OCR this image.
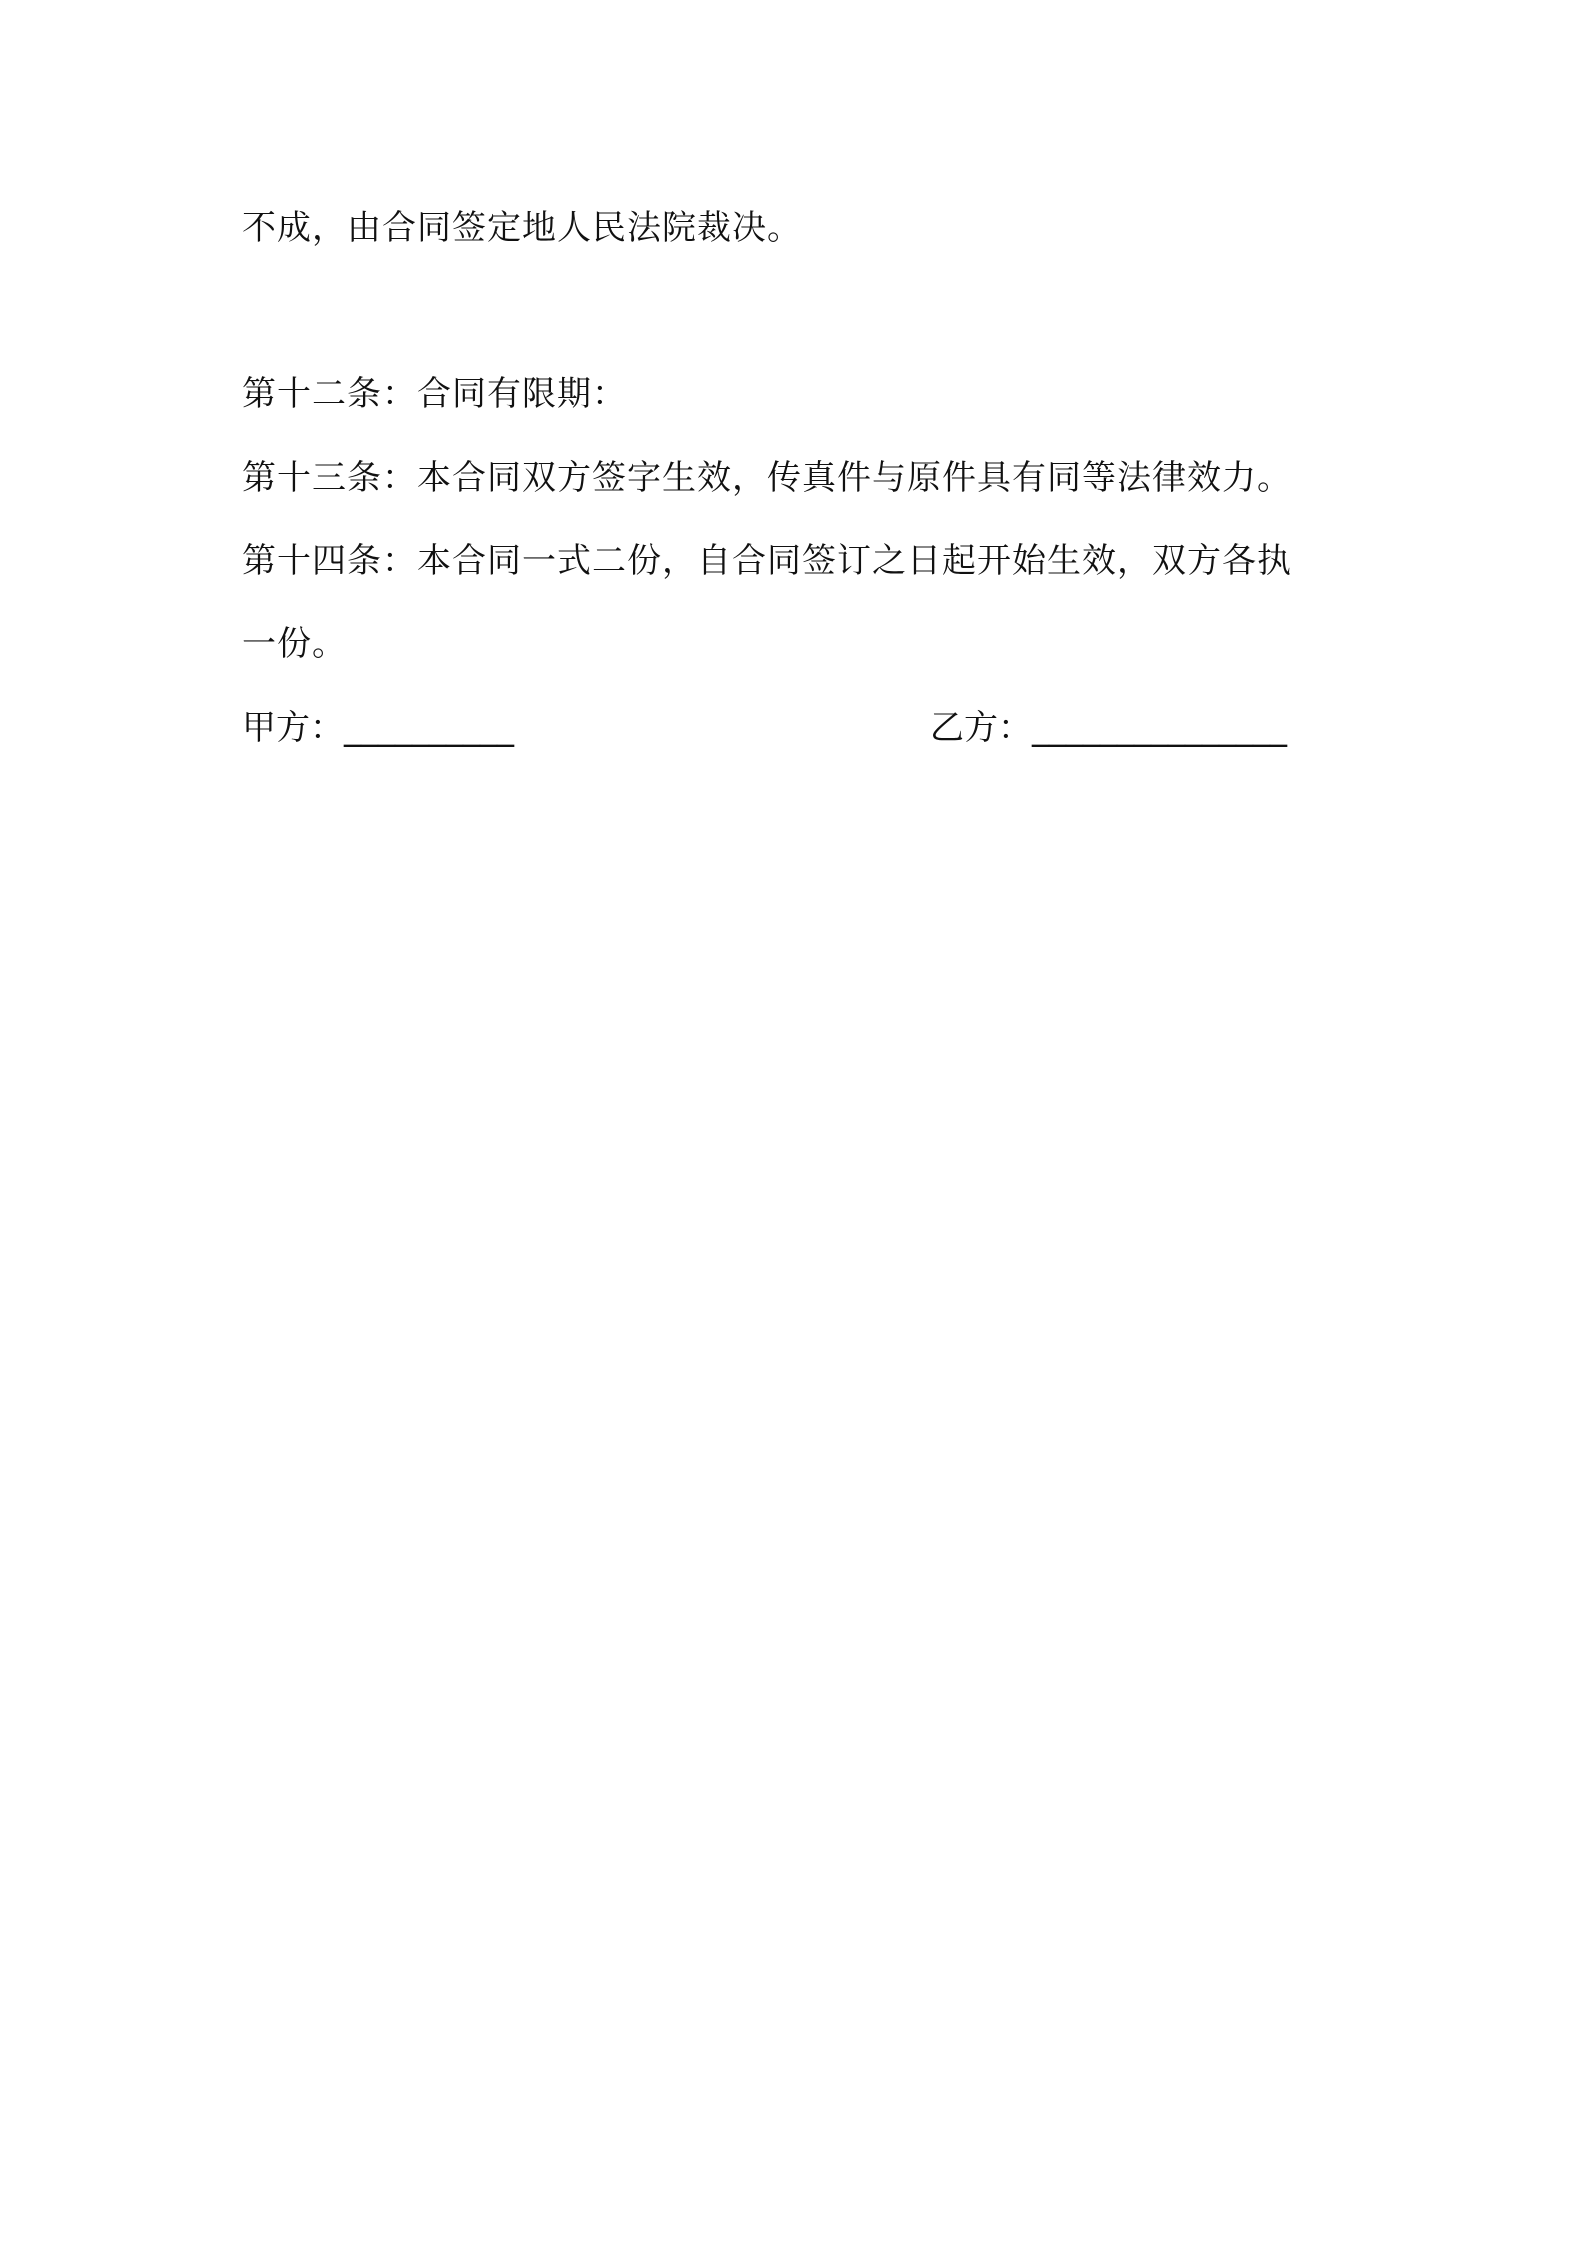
不成，由合同签定地人民法院裁决。
第十二条：合同有限期：
第十三条：本合同双方签字生效，传真件与原件具有同等法律效力。
第十四条：本合同一式二份，自合同签订之日起开始生效，双方各执
一份。
甲方：__________	乙方：_______________
